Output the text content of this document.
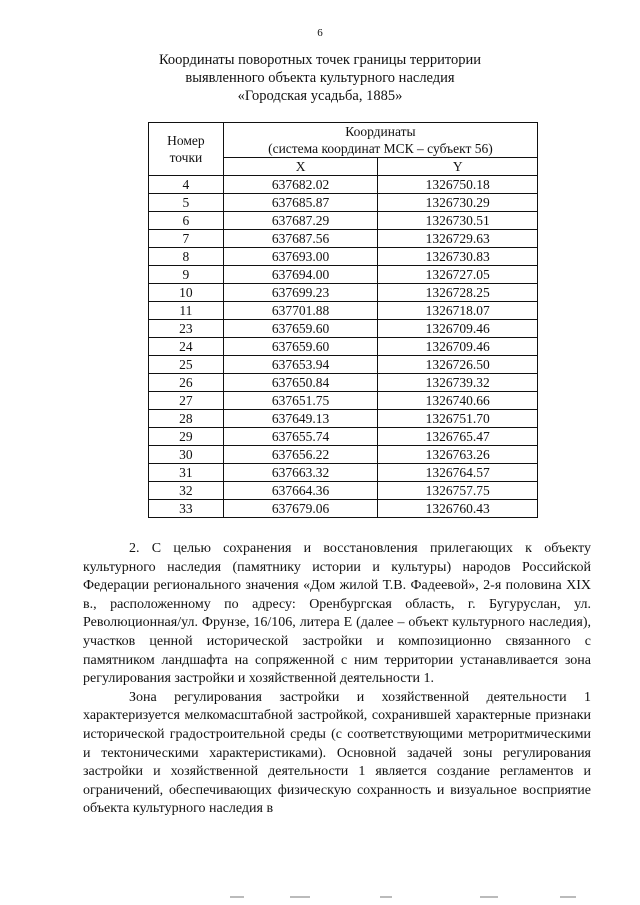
6
Координаты поворотных точек границы территории
выявленного объекта культурного наследия
«Городская усадьба, 1885»
Номер
точки	Координаты
(система координат МСК – субъект 56)	

	X	Y
4	637682.02	1326750.18
5	637685.87	1326730.29
6	637687.29	1326730.51
7	637687.56	1326729.63
8	637693.00	1326730.83
9	637694.00	1326727.05
10	637699.23	1326728.25
11	637701.88	1326718.07
23	637659.60	1326709.46
24	637659.60	1326709.46
25	637653.94	1326726.50
26	637650.84	1326739.32
27	637651.75	1326740.66
28	637649.13	1326751.70
29	637655.74	1326765.47
30	637656.22	1326763.26
31	637663.32	1326764.57
32	637664.36	1326757.75
33	637679.06	1326760.43

2. С целью сохранения и восстановления прилегающих к объекту культурного наследия (памятнику истории и культуры) народов Российской Федерации регионального значения «Дом жилой Т.В. Фадеевой», 2-я половина XIX в., расположенному по адресу: Оренбургская область, г. Бугуруслан, ул. Революционная/ул. Фрунзе, 16/106, литера Е (далее – объект культурного наследия), участков ценной исторической застройки и композиционно связанного с памятником ландшафта на сопряженной с ним территории устанавливается зона регулирования застройки и хозяйственной деятельности 1.

Зона регулирования застройки и хозяйственной деятельности 1 характеризуется мелкомасштабной застройкой, сохранившей характерные признаки исторической градостроительной среды (с соответствующими метроритмическими и тектоническими характеристиками). Основной задачей зоны регулирования застройки и хозяйственной деятельности 1 является создание регламентов и ограничений, обеспечивающих физическую сохранность и визуальное восприятие объекта культурного наследия в
